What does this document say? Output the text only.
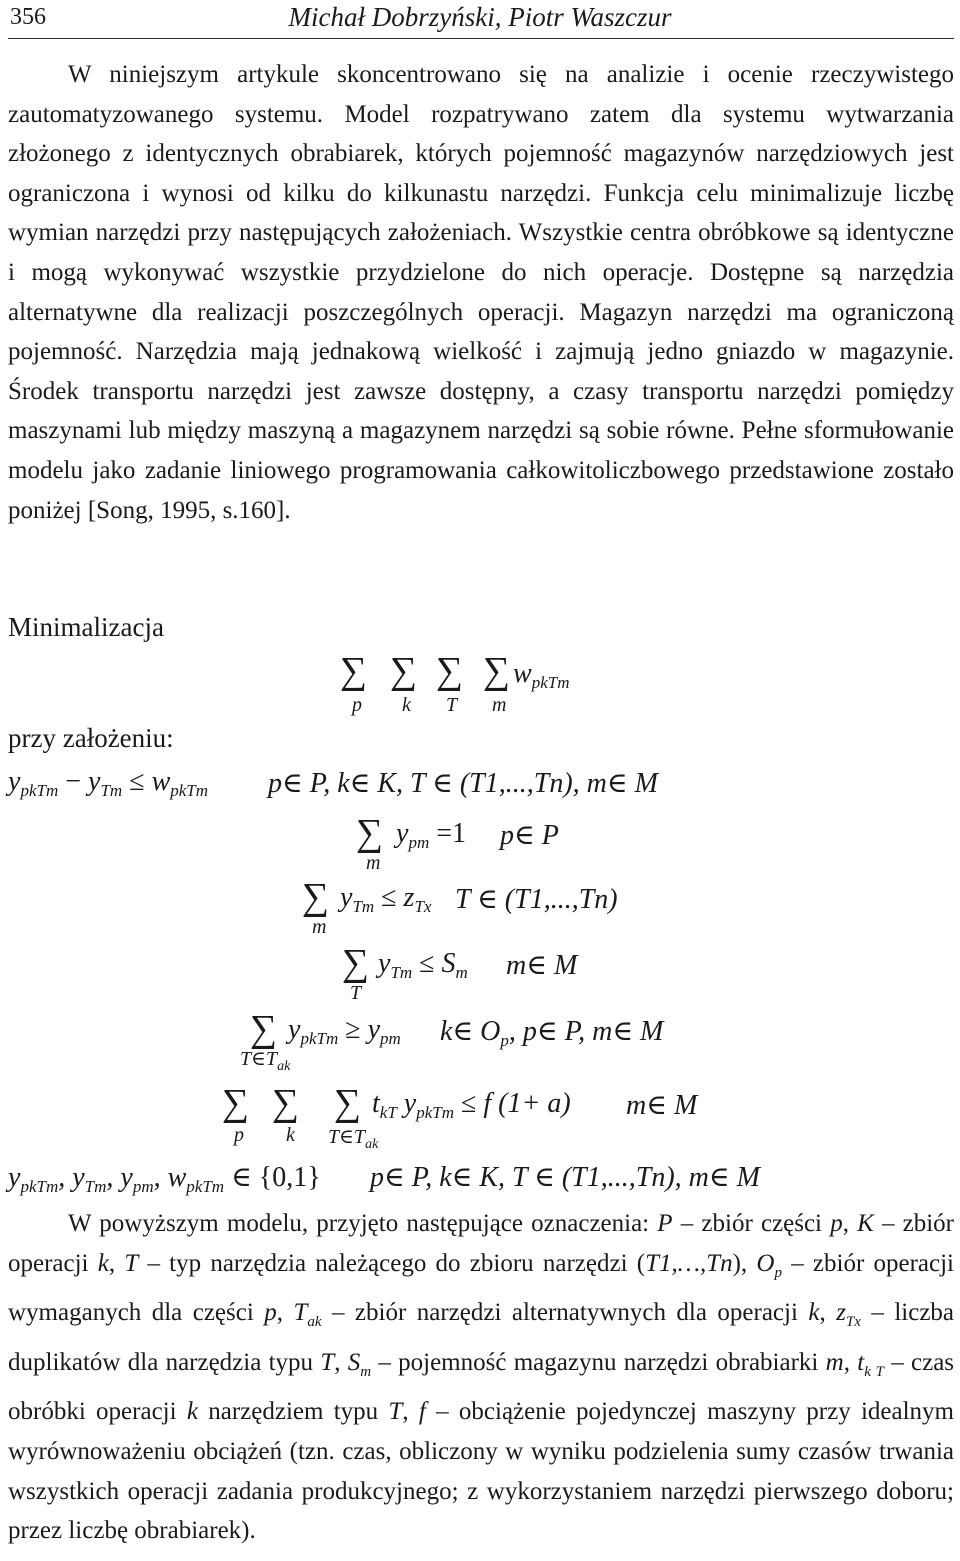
356	Michał Dobrzyński, Piotr Waszczur

W niniejszym artykule skoncentrowano się na analizie i ocenie rzeczywistego zautomatyzowanego systemu. Model rozpatrywano zatem dla systemu wytwarzania złożonego z identycznych obrabiarek, których pojemność magazynów narzędziowych jest ograniczona i wynosi od kilku do kilkunastu narzędzi. Funkcja celu minimalizuje liczbę wymian narzędzi przy następujących założeniach. Wszystkie centra obróbkowe są identyczne i mogą wykonywać wszystkie przydzielone do nich operacje. Dostępne są narzędzia alternatywne dla realizacji poszczególnych operacji. Magazyn narzędzi ma ograniczoną pojemność. Narzędzia mają jednakową wielkość i zajmują jedno gniazdo w magazynie. Środek transportu narzędzi jest zawsze dostępny, a czasy transportu narzędzi pomiędzy maszynami lub między maszyną a magazynem narzędzi są sobie równe. Pełne sformułowanie modelu jako zadanie liniowego programowania całkowitoliczbowego przedstawione zostało poniżej [Song, 1995, s.160].

Minimalizacja
∑ ∑ ∑ ∑
p k T m
$w_{pkTm}$
przy założeniu:
$y_{pkTm} - y_{Tm} \le w_{pkTm}$ p∈ P, k∈ K, T ∈ (T1,...,Tn), m∈ M
∑
m
$y_{pm} =1$ p∈ P
∑
m
$y_{Tm} \le z_{Tx}$ T ∈ (T1,...,Tn)
∑
T
$y_{Tm} \le S_m$ m∈ M
∑
$T\in T_{ak}$
$y_{pkTm} \ge y_{pm}$ k∈ $O_p$, p∈ P, m∈ M
∑ ∑ ∑
p k $T\in T_{ak}$
$t_{kT}$ $y_{pkTm} \le f$ (1+ a) m∈ M
$y_{pkTm}$, $y_{Tm}$, $y_{pm}$, $w_{pkTm}$ ∈ {0,1} p∈ P, k∈ K, T ∈ (T1,...,Tn), m∈ M

W powyższym modelu, przyjęto następujące oznaczenia: P – zbiór części p, K – zbiór operacji k, T – typ narzędzia należącego do zbioru narzędzi (T1,…,Tn), $O_p$ – zbiór operacji wymaganych dla części p, $T_{ak}$ – zbiór narzędzi alternatywnych dla operacji k, $z_{Tx}$ – liczba duplikatów dla narzędzia typu T, $S_m$ – pojemność magazynu narzędzi obrabiarki m, $t_{k T}$ – czas obróbki operacji k narzędziem typu T, f – obciążenie pojedynczej maszyny przy idealnym wyrównoważeniu obciążeń (tzn. czas, obliczony w wyniku podzielenia sumy czasów trwania wszystkich operacji zadania produkcyjnego; z wykorzystaniem narzędzi pierwszego doboru; przez liczbę obrabiarek).
